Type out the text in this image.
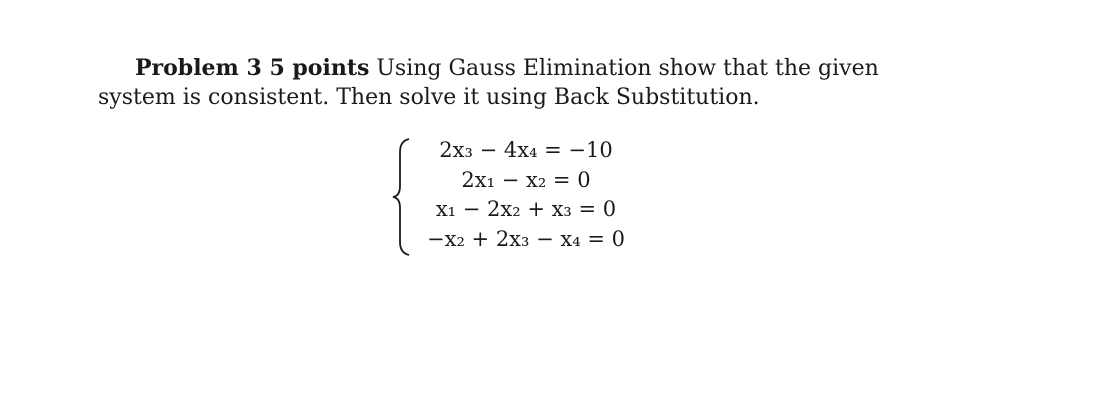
Problem 3 5 points Using Gauss Elimination show that the given system is consistent. Then solve it using Back Substitution.

2x₃ − 4x₄ = −10
2x₁ − x₂ = 0
x₁ − 2x₂ + x₃ = 0
−x₂ + 2x₃ − x₄ = 0
